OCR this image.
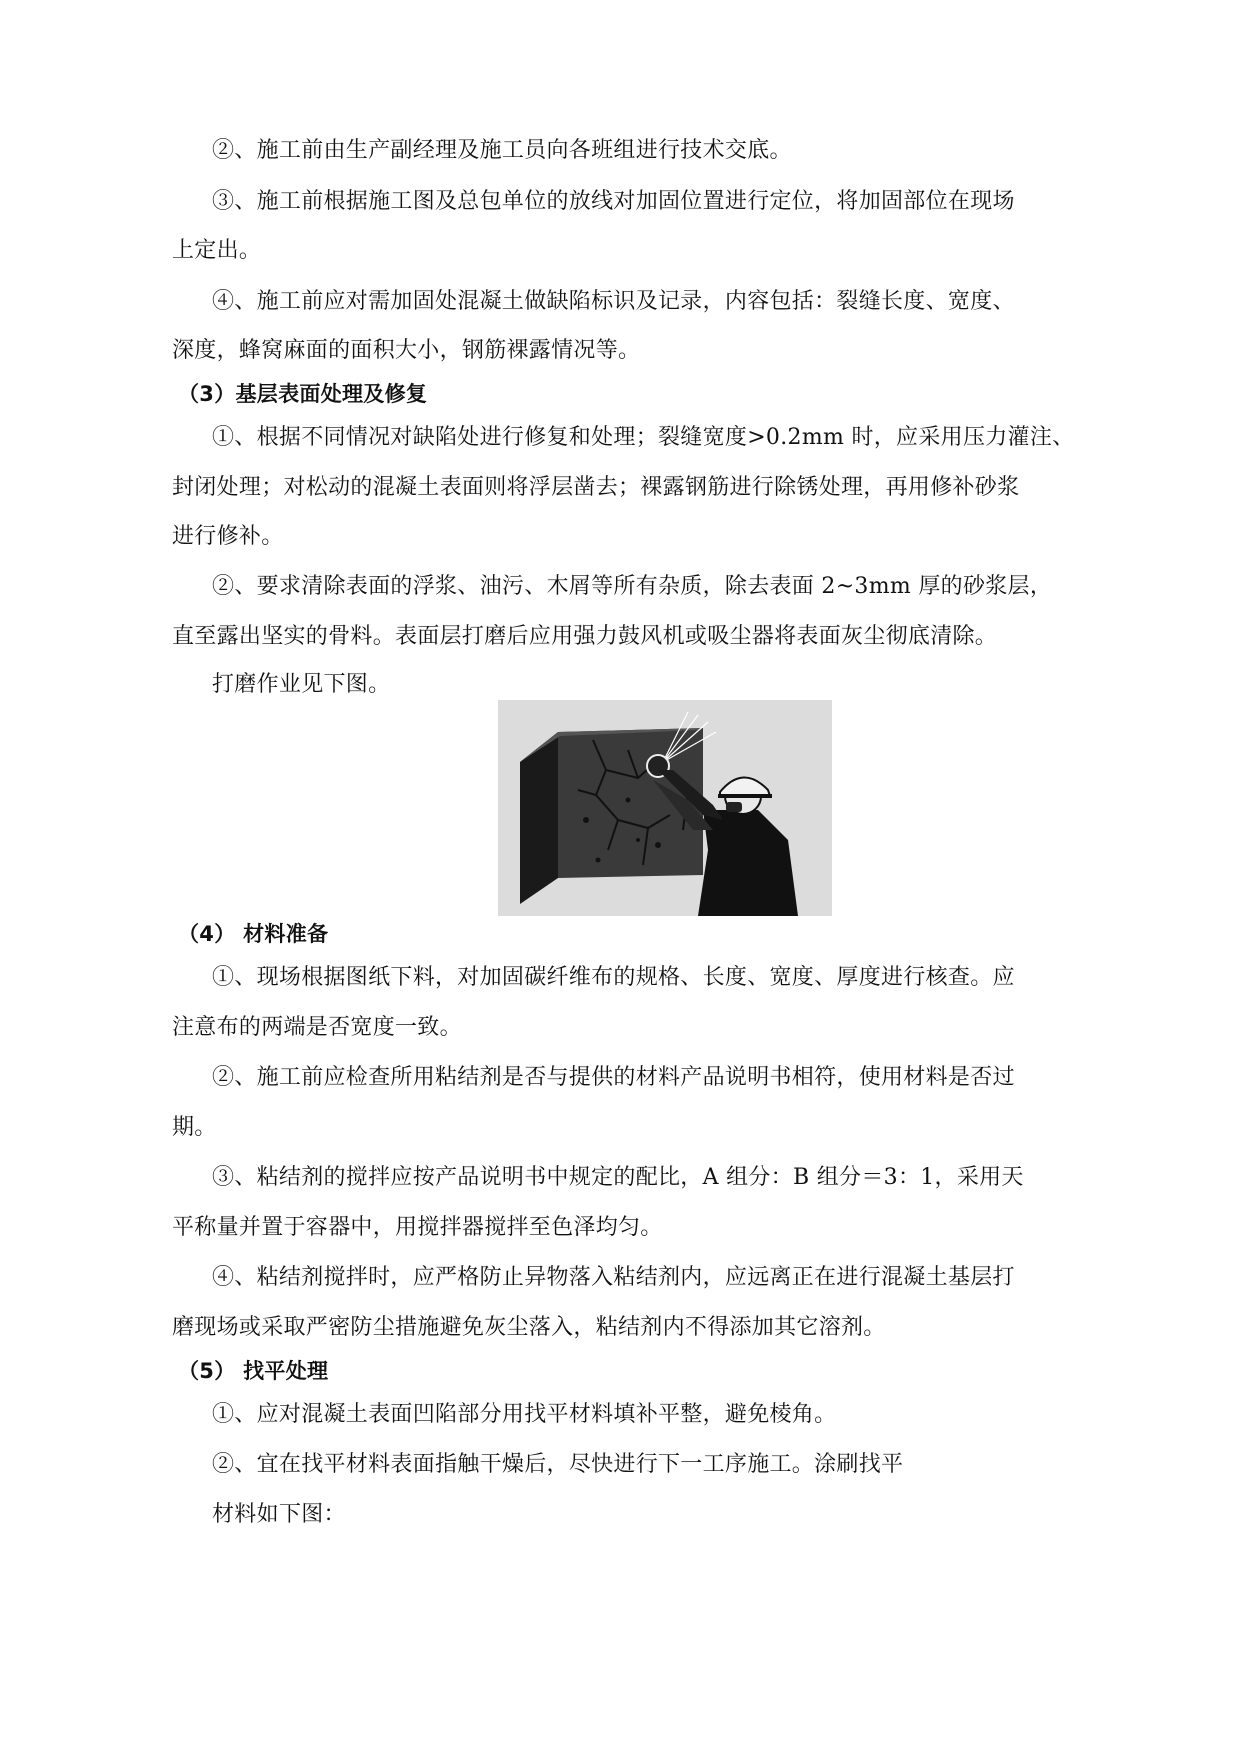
②、施工前由生产副经理及施工员向各班组进行技术交底。
③、施工前根据施工图及总包单位的放线对加固位置进行定位，将加固部位在现场
上定出。
④、施工前应对需加固处混凝土做缺陷标识及记录，内容包括：裂缝长度、宽度、
深度，蜂窝麻面的面积大小，钢筋裸露情况等。
（3）基层表面处理及修复
①、根据不同情况对缺陷处进行修复和处理；裂缝宽度>0.2mm 时，应采用压力灌注、
封闭处理；对松动的混凝土表面则将浮层凿去；裸露钢筋进行除锈处理，再用修补砂浆
进行修补。
②、要求清除表面的浮浆、油污、木屑等所有杂质，除去表面 2~3mm 厚的砂浆层，
直至露出坚实的骨料。表面层打磨后应用强力鼓风机或吸尘器将表面灰尘彻底清除。
打磨作业见下图。
（4） 材料准备
①、现场根据图纸下料，对加固碳纤维布的规格、长度、宽度、厚度进行核查。应
注意布的两端是否宽度一致。
②、施工前应检查所用粘结剂是否与提供的材料产品说明书相符，使用材料是否过
期。
③、粘结剂的搅拌应按产品说明书中规定的配比，A 组分：B 组分＝3：1，采用天
平称量并置于容器中，用搅拌器搅拌至色泽均匀。
④、粘结剂搅拌时，应严格防止异物落入粘结剂内，应远离正在进行混凝土基层打
磨现场或采取严密防尘措施避免灰尘落入，粘结剂内不得添加其它溶剂。
（5） 找平处理
①、应对混凝土表面凹陷部分用找平材料填补平整，避免棱角。
②、宜在找平材料表面指触干燥后，尽快进行下一工序施工。涂刷找平
材料如下图：
